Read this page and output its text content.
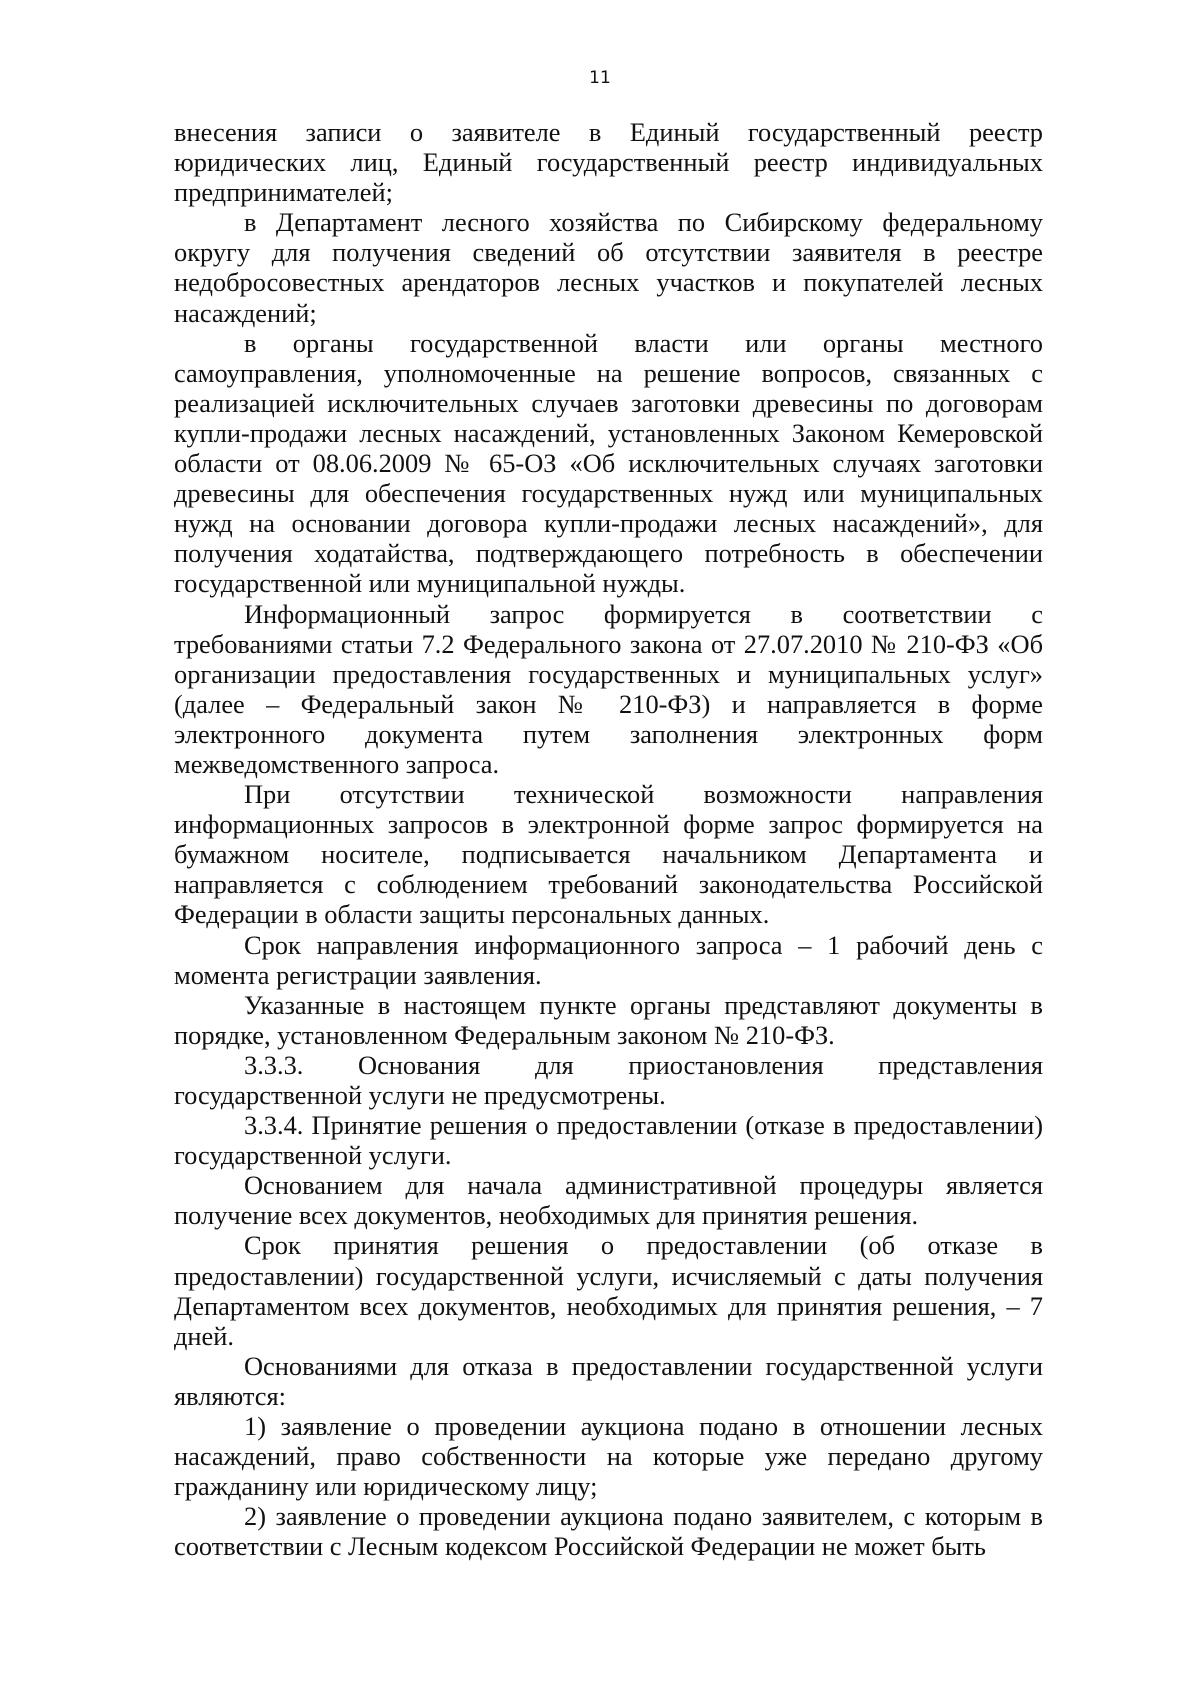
11

внесения записи о заявителе в Единый государственный реестр юридических лиц, Единый государственный реестр индивидуальных предпринимателей;

в Департамент лесного хозяйства по Сибирскому федеральному округу для получения сведений об отсутствии заявителя в реестре недобросовестных арендаторов лесных участков и покупателей лесных насаждений;

в органы государственной власти или органы местного самоуправления, уполномоченные на решение вопросов, связанных с реализацией исключительных случаев заготовки древесины по договорам купли-продажи лесных насаждений, установленных Законом Кемеровской области от 08.06.2009 № 65-ОЗ «Об исключительных случаях заготовки древесины для обеспечения государственных нужд или муниципальных нужд на основании договора купли-продажи лесных насаждений», для получения ходатайства, подтверждающего потребность в обеспечении государственной или муниципальной нужды.

Информационный запрос формируется в соответствии с требованиями статьи 7.2 Федерального закона от 27.07.2010 № 210-ФЗ «Об организации предоставления государственных и муниципальных услуг» (далее – Федеральный закон № 210-ФЗ) и направляется в форме электронного документа путем заполнения электронных форм межведомственного запроса.

При отсутствии технической возможности направления информационных запросов в электронной форме запрос формируется на бумажном носителе, подписывается начальником Департамента и направляется с соблюдением требований законодательства Российской Федерации в области защиты персональных данных.

Срок направления информационного запроса – 1 рабочий день с момента регистрации заявления.

Указанные в настоящем пункте органы представляют документы в порядке, установленном Федеральным законом № 210-ФЗ.

3.3.3. Основания для приостановления представления государственной услуги не предусмотрены.

3.3.4. Принятие решения о предоставлении (отказе в предоставлении) государственной услуги.

Основанием для начала административной процедуры является получение всех документов, необходимых для принятия решения.

Срок принятия решения о предоставлении (об отказе в предоставлении) государственной услуги, исчисляемый с даты получения Департаментом всех документов, необходимых для принятия решения, – 7 дней.

Основаниями для отказа в предоставлении государственной услуги являются:

1) заявление о проведении аукциона подано в отношении лесных насаждений, право собственности на которые уже передано другому гражданину или юридическому лицу;

2) заявление о проведении аукциона подано заявителем, с которым в соответствии с Лесным кодексом Российской Федерации не может быть
